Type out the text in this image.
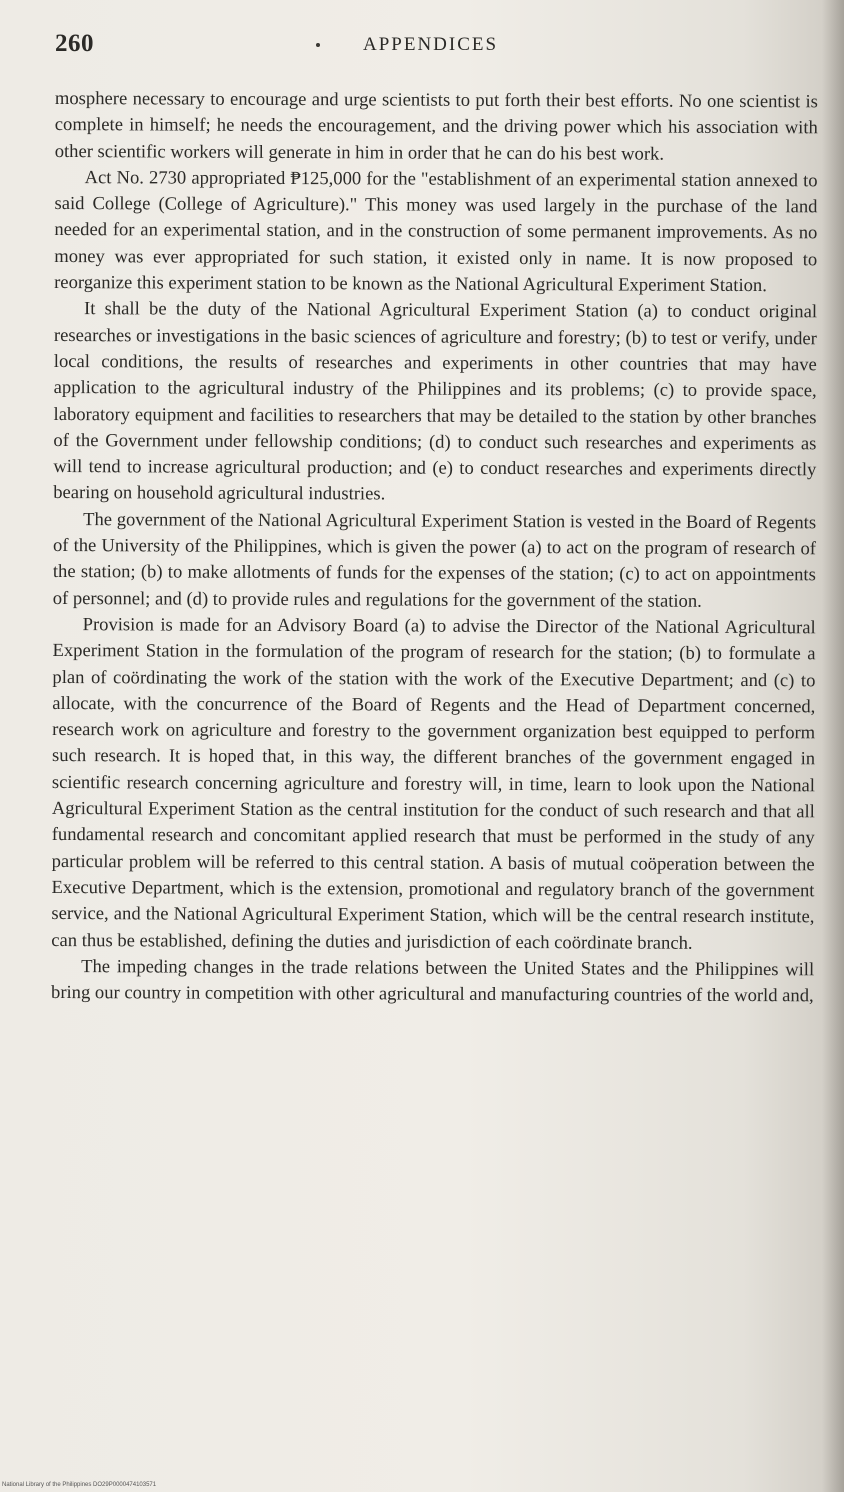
260	APPENDICES

mosphere necessary to encourage and urge scientists to put forth their best efforts. No one scientist is complete in himself; he needs the encouragement, and the driving power which his association with other scientific workers will generate in him in order that he can do his best work.

Act No. 2730 appropriated ₱125,000 for the "establishment of an experimental station annexed to said College (College of Agriculture)." This money was used largely in the purchase of the land needed for an experimental station, and in the construction of some permanent improvements. As no money was ever appropriated for such station, it existed only in name. It is now proposed to reorganize this experiment station to be known as the National Agricultural Experiment Station.

It shall be the duty of the National Agricultural Experiment Station (a) to conduct original researches or investigations in the basic sciences of agriculture and forestry; (b) to test or verify, under local conditions, the results of researches and experiments in other countries that may have application to the agricultural industry of the Philippines and its problems; (c) to provide space, laboratory equipment and facilities to researchers that may be detailed to the station by other branches of the Government under fellowship conditions; (d) to conduct such researches and experiments as will tend to increase agricultural production; and (e) to conduct researches and experiments directly bearing on household agricultural industries.

The government of the National Agricultural Experiment Station is vested in the Board of Regents of the University of the Philippines, which is given the power (a) to act on the program of research of the station; (b) to make allotments of funds for the expenses of the station; (c) to act on appointments of personnel; and (d) to provide rules and regulations for the government of the station.

Provision is made for an Advisory Board (a) to advise the Director of the National Agricultural Experiment Station in the formulation of the program of research for the station; (b) to formulate a plan of coördinating the work of the station with the work of the Executive Department; and (c) to allocate, with the concurrence of the Board of Regents and the Head of Department concerned, research work on agriculture and forestry to the government organization best equipped to perform such research. It is hoped that, in this way, the different branches of the government engaged in scientific research concerning agriculture and forestry will, in time, learn to look upon the National Agricultural Experiment Station as the central institution for the conduct of such research and that all fundamental research and concomitant applied research that must be performed in the study of any particular problem will be referred to this central station. A basis of mutual coöperation between the Executive Department, which is the extension, promotional and regulatory branch of the government service, and the National Agricultural Experiment Station, which will be the central research institute, can thus be established, defining the duties and jurisdiction of each coördinate branch.

The impeding changes in the trade relations between the United States and the Philippines will bring our country in competition with other agricultural and manufacturing countries of the world and,

National Library of the Philippines DO29P0000474103571
